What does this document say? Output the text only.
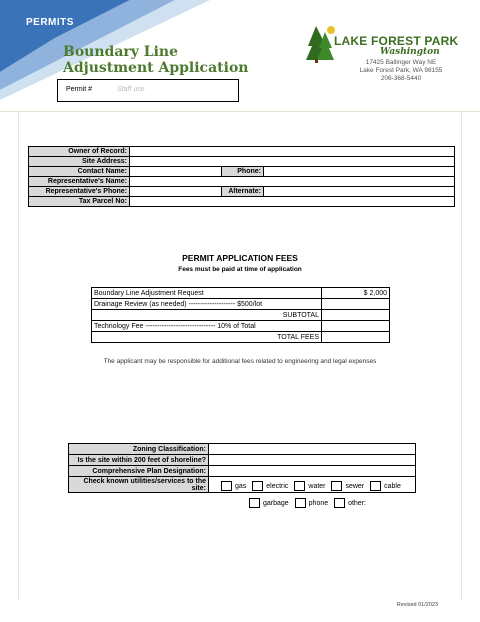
PERMITS
Boundary Line Adjustment Application
Permit #	Staff use
LAKE FOREST PARK
Washington
17425 Ballinger Way NE
Lake Forest Park, WA 98155
206-368-5440
Owner of Record:			
Site Address:			
Contact Name:		Phone:	
Representative's Name:			
Representative's Phone:		Alternate:	
Tax Parcel No:			
PERMIT APPLICATION FEES
Fees must be paid at time of application
Boundary Line Adjustment Request	$ 2,000
Drainage Review (as needed) -------------------- $500/lot	
SUBTOTAL	
Technology Fee ------------------------------ 10% of Total	
TOTAL FEES	
The applicant may be responsible for additional fees related to engineering and legal expenses
Zoning Classification:	
Is the site within 200 feet of shoreline?	
Comprehensive Plan Designation:	
Check known utilities/services to the site:	gas electric water sewer cable
garbage phone other:
Revised 01/2023
